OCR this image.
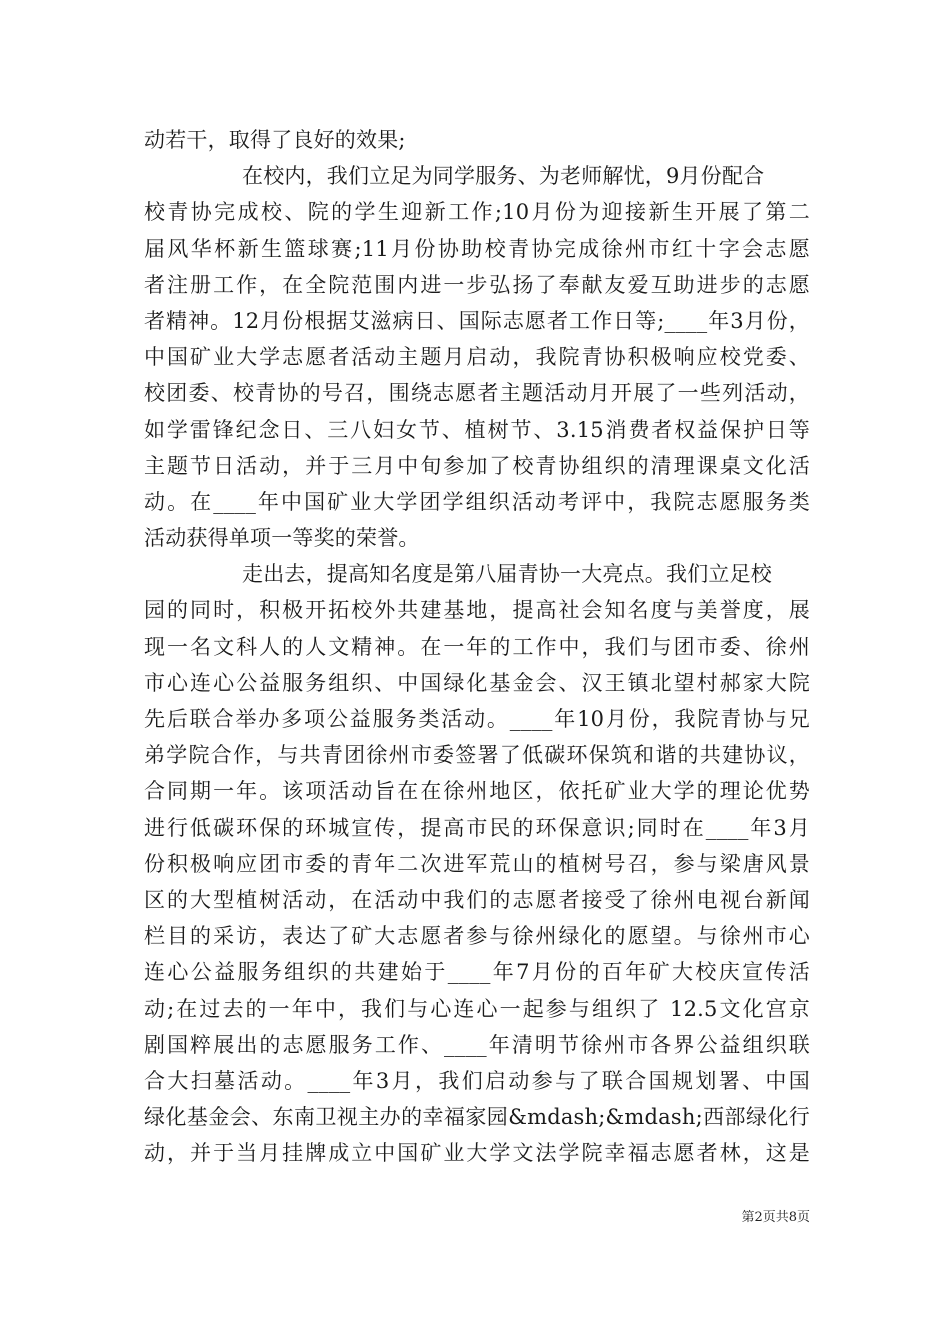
动若干，取得了良好的效果;
在校内，我们立足为同学服务、为老师解忧，9月份配合
校青协完成校、院的学生迎新工作;10月份为迎接新生开展了第二
届风华杯新生篮球赛;11月份协助校青协完成徐州市红十字会志愿
者注册工作，在全院范围内进一步弘扬了奉献友爱互助进步的志愿
者精神。12月份根据艾滋病日、国际志愿者工作日等;____年3月份，
中国矿业大学志愿者活动主题月启动，我院青协积极响应校党委、
校团委、校青协的号召，围绕志愿者主题活动月开展了一些列活动，
如学雷锋纪念日、三八妇女节、植树节、3.15消费者权益保护日等
主题节日活动，并于三月中旬参加了校青协组织的清理课桌文化活
动。在____年中国矿业大学团学组织活动考评中，我院志愿服务类
活动获得单项一等奖的荣誉。
走出去，提高知名度是第八届青协一大亮点。我们立足校
园的同时，积极开拓校外共建基地，提高社会知名度与美誉度，展
现一名文科人的人文精神。在一年的工作中，我们与团市委、徐州
市心连心公益服务组织、中国绿化基金会、汉王镇北望村郝家大院
先后联合举办多项公益服务类活动。____年10月份，我院青协与兄
弟学院合作，与共青团徐州市委签署了低碳环保筑和谐的共建协议，
合同期一年。该项活动旨在在徐州地区，依托矿业大学的理论优势
进行低碳环保的环城宣传，提高市民的环保意识;同时在____年3月
份积极响应团市委的青年二次进军荒山的植树号召，参与梁唐风景
区的大型植树活动，在活动中我们的志愿者接受了徐州电视台新闻
栏目的采访，表达了矿大志愿者参与徐州绿化的愿望。与徐州市心
连心公益服务组织的共建始于____年7月份的百年矿大校庆宣传活
动;在过去的一年中，我们与心连心一起参与组织了 12.5文化宫京
剧国粹展出的志愿服务工作、____年清明节徐州市各界公益组织联
合大扫墓活动。____年3月，我们启动参与了联合国规划署、中国
绿化基金会、东南卫视主办的幸福家园&mdash;&mdash;西部绿化行
动，并于当月挂牌成立中国矿业大学文法学院幸福志愿者林，这是
第2页共8页
